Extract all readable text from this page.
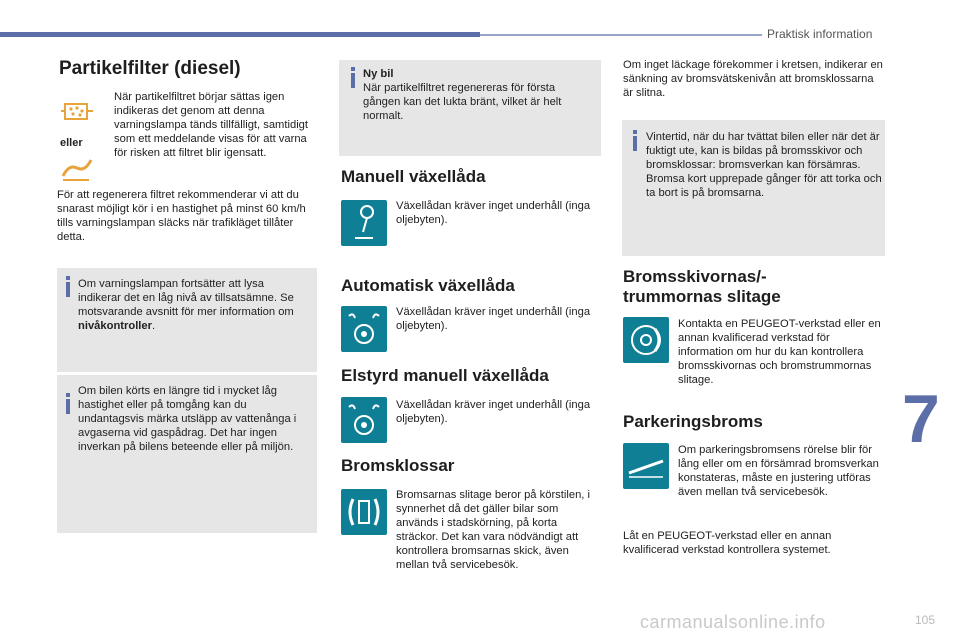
Praktisk information
Partikelfilter (diesel)
eller
När partikelfiltret börjar sättas igen indikeras det genom att denna varningslampa tänds tillfälligt, samtidigt som ett meddelande visas för att varna för risken att filtret blir igensatt.
För att regenerera filtret rekommenderar vi att du snarast möjligt kör i en hastighet på minst 60 km/h tills varningslampan släcks när trafikläget tillåter detta.
Om varningslampan fortsätter att lysa indikerar det en låg nivå av tillsatsämne. Se motsvarande avsnitt för mer information om nivåkontroller.
Om bilen körts en längre tid i mycket låg hastighet eller på tomgång kan du undantagsvis märka utsläpp av vattenånga i avgaserna vid gaspådrag. Det har ingen inverkan på bilens beteende eller på miljön.
Ny bil
När partikelfiltret regenereras för första gången kan det lukta bränt, vilket är helt normalt.
Manuell växellåda
Växellådan kräver inget underhåll (inga oljebyten).
Automatisk växellåda
Växellådan kräver inget underhåll (inga oljebyten).
Elstyrd manuell växellåda
Växellådan kräver inget underhåll (inga oljebyten).
Bromsklossar
Bromsarnas slitage beror på körstilen, i synnerhet då det gäller bilar som används i stadskörning, på korta sträckor. Det kan vara nödvändigt att kontrollera bromsarnas skick, även mellan två servicebesök.
Om inget läckage förekommer i kretsen, indikerar en sänkning av bromsvätskenivån att bromsklossarna är slitna.
Vintertid, när du har tvättat bilen eller när det är fuktigt ute, kan is bildas på bromsskivor och bromsklossar: bromsverkan kan försämras. Bromsa kort upprepade gånger för att torka och ta bort is på bromsarna.
Bromsskivornas/-
trummornas slitage
Kontakta en PEUGEOT-verkstad eller en annan kvalificerad verkstad för information om hur du kan kontrollera bromsskivornas och bromstrummornas slitage.
Parkeringsbroms
Om parkeringsbromsens rörelse blir för lång eller om en försämrad bromsverkan konstateras, måste en justering utföras även mellan två servicebesök.
Låt en PEUGEOT-verkstad eller en annan kvalificerad verkstad kontrollera systemet.
7
carmanualsonline.info	105
